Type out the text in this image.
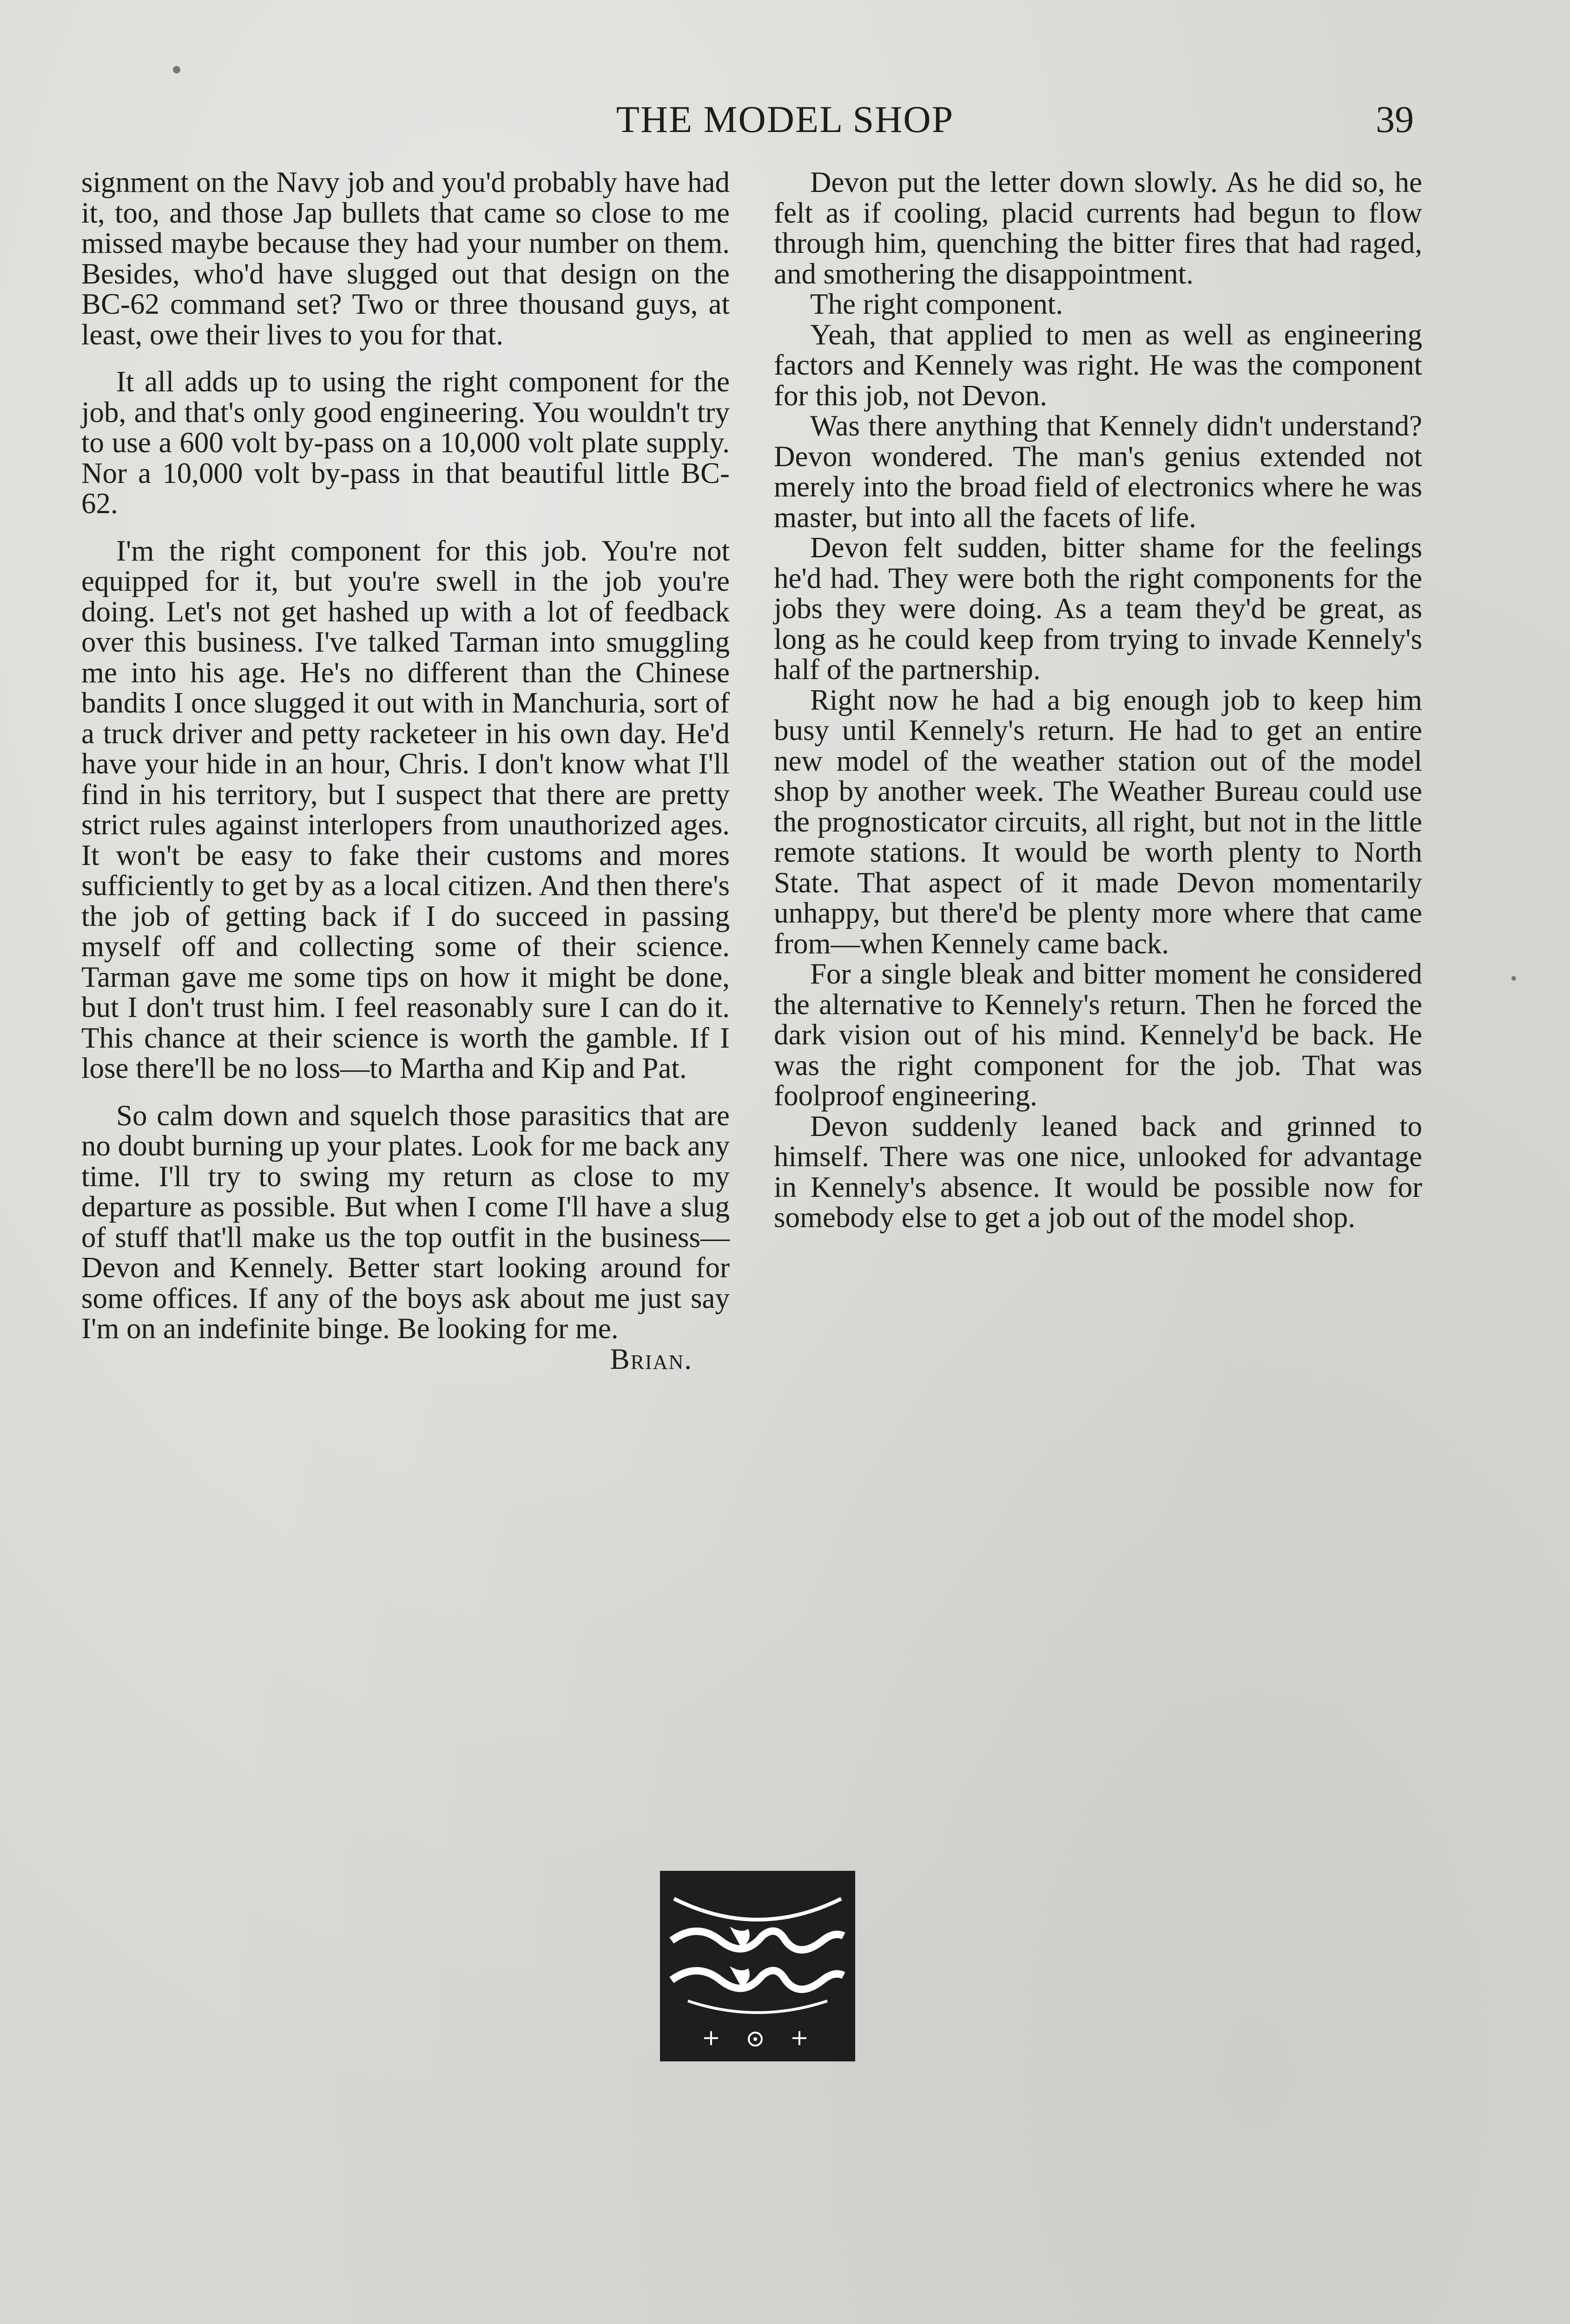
THE MODEL SHOP	39

signment on the Navy job and you'd probably have had it, too, and those Jap bullets that came so close to me missed maybe because they had your number on them. Besides, who'd have slugged out that design on the BC-62 command set? Two or three thousand guys, at least, owe their lives to you for that.

It all adds up to using the right component for the job, and that's only good engineering. You wouldn't try to use a 600 volt by-pass on a 10,000 volt plate supply. Nor a 10,000 volt by-pass in that beautiful little BC-62.

I'm the right component for this job. You're not equipped for it, but you're swell in the job you're doing. Let's not get hashed up with a lot of feedback over this business. I've talked Tarman into smuggling me into his age. He's no different than the Chinese bandits I once slugged it out with in Manchuria, sort of a truck driver and petty racketeer in his own day. He'd have your hide in an hour, Chris. I don't know what I'll find in his territory, but I suspect that there are pretty strict rules against interlopers from unauthorized ages. It won't be easy to fake their customs and mores sufficiently to get by as a local citizen. And then there's the job of getting back if I do succeed in passing myself off and collecting some of their science. Tarman gave me some tips on how it might be done, but I don't trust him. I feel reasonably sure I can do it. This chance at their science is worth the gamble. If I lose there'll be no loss—to Martha and Kip and Pat.

So calm down and squelch those parasitics that are no doubt burning up your plates. Look for me back any time. I'll try to swing my return as close to my departure as possible. But when I come I'll have a slug of stuff that'll make us the top outfit in the business—Devon and Kennely. Better start looking around for some offices. If any of the boys ask about me just say I'm on an indefinite binge. Be looking for me.

Brian.

Devon put the letter down slowly. As he did so, he felt as if cooling, placid currents had begun to flow through him, quenching the bitter fires that had raged, and smothering the disappointment.

The right component.

Yeah, that applied to men as well as engineering factors and Kennely was right. He was the component for this job, not Devon.

Was there anything that Kennely didn't understand? Devon wondered. The man's genius extended not merely into the broad field of electronics where he was master, but into all the facets of life.

Devon felt sudden, bitter shame for the feelings he'd had. They were both the right components for the jobs they were doing. As a team they'd be great, as long as he could keep from trying to invade Kennely's half of the partnership.

Right now he had a big enough job to keep him busy until Kennely's return. He had to get an entire new model of the weather station out of the model shop by another week. The Weather Bureau could use the prognosticator circuits, all right, but not in the little remote stations. It would be worth plenty to North State. That aspect of it made Devon momentarily unhappy, but there'd be plenty more where that came from—when Kennely came back.

For a single bleak and bitter moment he considered the alternative to Kennely's return. Then he forced the dark vision out of his mind. Kennely'd be back. He was the right component for the job. That was foolproof engineering.

Devon suddenly leaned back and grinned to himself. There was one nice, unlooked for advantage in Kennely's absence. It would be possible now for somebody else to get a job out of the model shop.
